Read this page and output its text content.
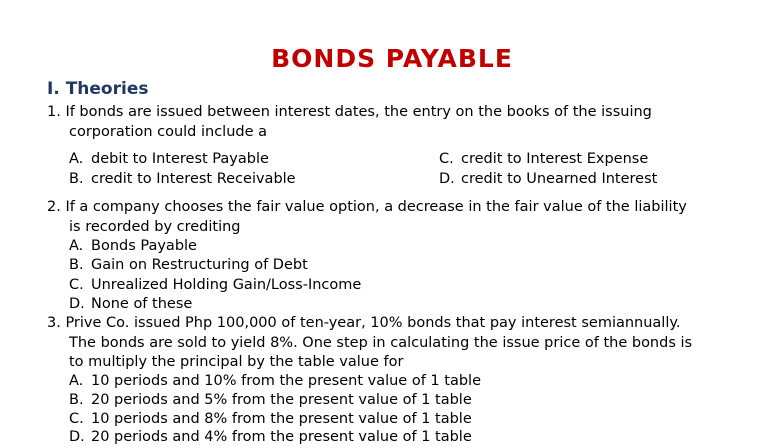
BONDS PAYABLE
I. Theories
1. If bonds are issued between interest dates, the entry on the books of the issuing
corporation could include a
A. debit to Interest Payable
B. credit to Interest Receivable
C. credit to Interest Expense
D. credit to Unearned Interest
2. If a company chooses the fair value option, a decrease in the fair value of the liability
is recorded by crediting
A. Bonds Payable
B. Gain on Restructuring of Debt
C. Unrealized Holding Gain/Loss-Income
D. None of these
3. Prive Co. issued Php 100,000 of ten-year, 10% bonds that pay interest semiannually.
The bonds are sold to yield 8%. One step in calculating the issue price of the bonds is
to multiply the principal by the table value for
A. 10 periods and 10% from the present value of 1 table
B. 20 periods and 5% from the present value of 1 table
C. 10 periods and 8% from the present value of 1 table
D. 20 periods and 4% from the present value of 1 table
